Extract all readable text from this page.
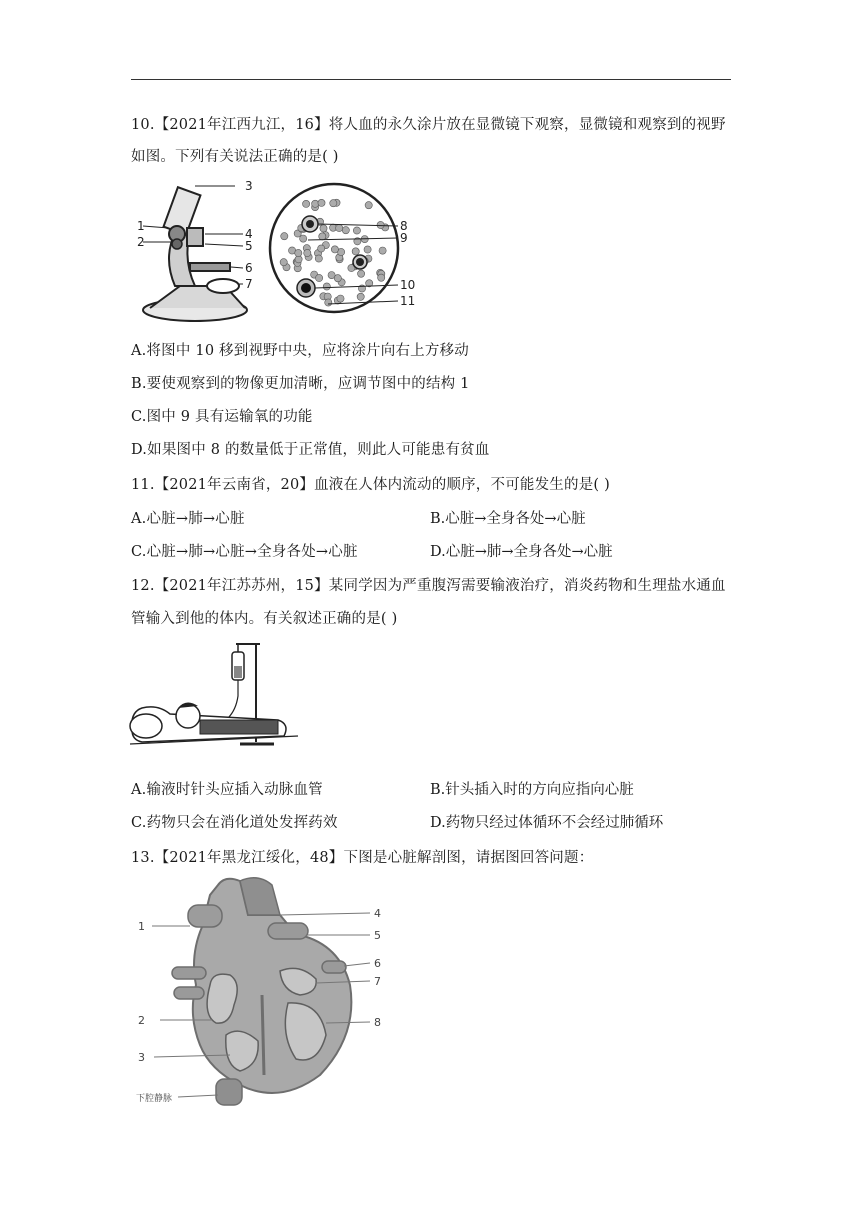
10.【2021年江西九江，16】将人血的永久涂片放在显微镜下观察，显微镜和观察到的视野
如图。下列有关说法正确的是( )
3
1
2
4
5
6
7
8
9
10
11
A.将图中 10 移到视野中央，应将涂片向右上方移动
B.要使观察到的物像更加清晰，应调节图中的结构 1
C.图中 9 具有运输氧的功能
D.如果图中 8 的数量低于正常值，则此人可能患有贫血
11.【2021年云南省，20】血液在人体内流动的顺序，不可能发生的是( )
A.心脏→肺→心脏	B.心脏→全身各处→心脏
C.心脏→肺→心脏→全身各处→心脏	D.心脏→肺→全身各处→心脏
12.【2021年江苏苏州，15】某同学因为严重腹泻需要输液治疗，消炎药物和生理盐水通血
管输入到他的体内。有关叙述正确的是( )
A.输液时针头应插入动脉血管	B.针头插入时的方向应指向心脏
C.药物只会在消化道处发挥药效	D.药物只经过体循环不会经过肺循环
13.【2021年黑龙江绥化，48】下图是心脏解剖图，请据图回答问题：
1
2
3
4
5
6
7
8
下腔静脉
